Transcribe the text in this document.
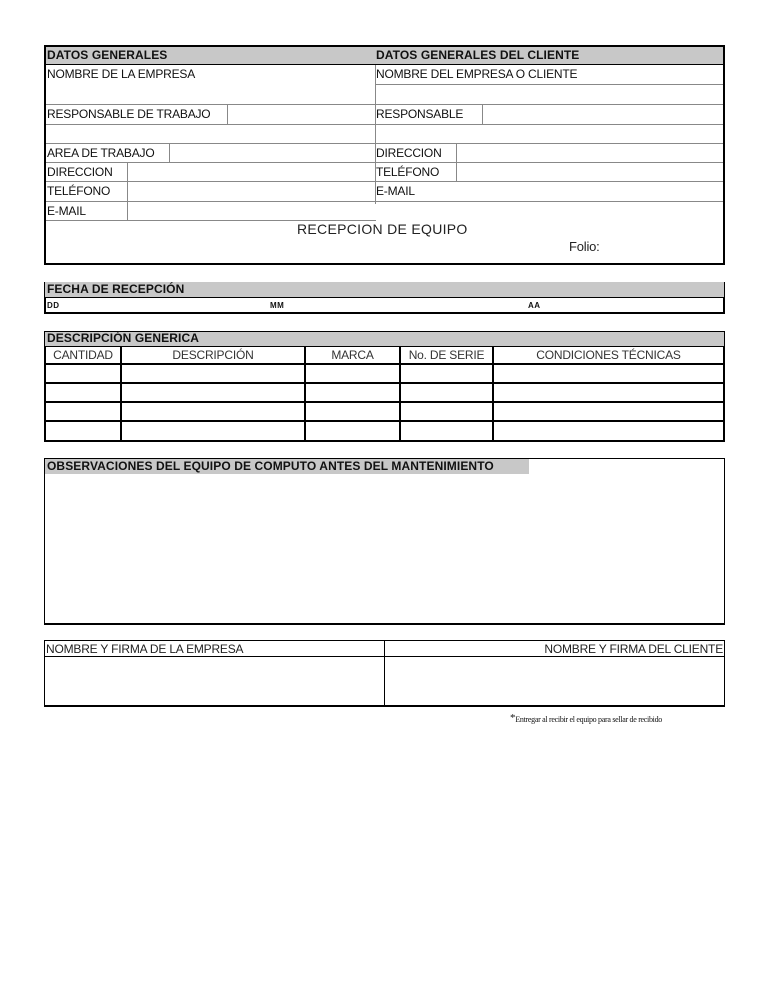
DATOS GENERALES	DATOS GENERALES DEL CLIENTE
NOMBRE DE LA EMPRESA
RESPONSABLE DE TRABAJO
AREA DE TRABAJO
DIRECCION
TELÉFONO
E-MAIL
NOMBRE DEL EMPRESA O CLIENTE
RESPONSABLE
DIRECCION
TELÉFONO
E-MAIL
RECEPCION DE EQUIPO
Folio:
FECHA DE RECEPCIÓN
DD	MM	AA
DESCRIPCIÓN GENERICA
CANTIDAD	DESCRIPCIÓN	MARCA	No. DE SERIE	CONDICIONES TÉCNICAS
OBSERVACIONES DEL EQUIPO DE COMPUTO ANTES DEL MANTENIMIENTO
NOMBRE Y FIRMA DE LA EMPRESA	NOMBRE Y FIRMA DEL CLIENTE
*Entregar al recibir el equipo para sellar de recibido
